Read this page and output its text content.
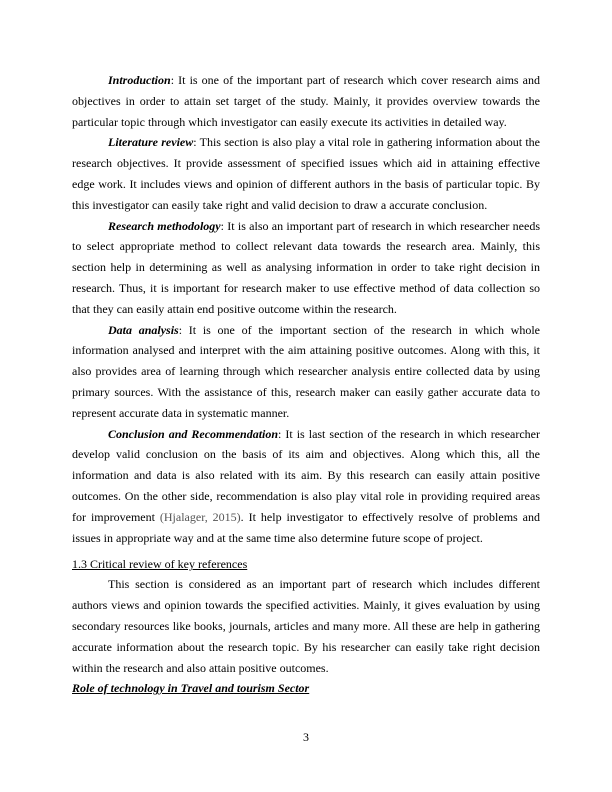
Introduction: It is one of the important part of research which cover research aims and objectives in order to attain set target of the study. Mainly, it provides overview towards the particular topic through which investigator can easily execute its activities in detailed way.

Literature review: This section is also play a vital role in gathering information about the research objectives. It provide assessment of specified issues which aid in attaining effective edge work. It includes views and opinion of different authors in the basis of particular topic. By this investigator can easily take right and valid decision to draw a accurate conclusion.

Research methodology: It is also an important part of research in which researcher needs to select appropriate method to collect relevant data towards the research area. Mainly, this section help in determining as well as analysing information in order to take right decision in research. Thus, it is important for research maker to use effective method of data collection so that they can easily attain end positive outcome within the research.

Data analysis: It is one of the important section of the research in which whole information analysed and interpret with the aim attaining positive outcomes. Along with this, it also provides area of learning through which researcher analysis entire collected data by using primary sources. With the assistance of this, research maker can easily gather accurate data to represent accurate data in systematic manner.

Conclusion and Recommendation: It is last section of the research in which researcher develop valid conclusion on the basis of its aim and objectives. Along which this, all the information and data is also related with its aim. By this research can easily attain positive outcomes. On the other side, recommendation is also play vital role in providing required areas for improvement (Hjalager, 2015). It help investigator to effectively resolve of problems and issues in appropriate way and at the same time also determine future scope of project.

1.3 Critical review of key references

This section is considered as an important part of research which includes different authors views and opinion towards the specified activities. Mainly, it gives evaluation by using secondary resources like books, journals, articles and many more. All these are help in gathering accurate information about the research topic. By his researcher can easily take right decision within the research and also attain positive outcomes.

Role of technology in Travel and tourism Sector

3
